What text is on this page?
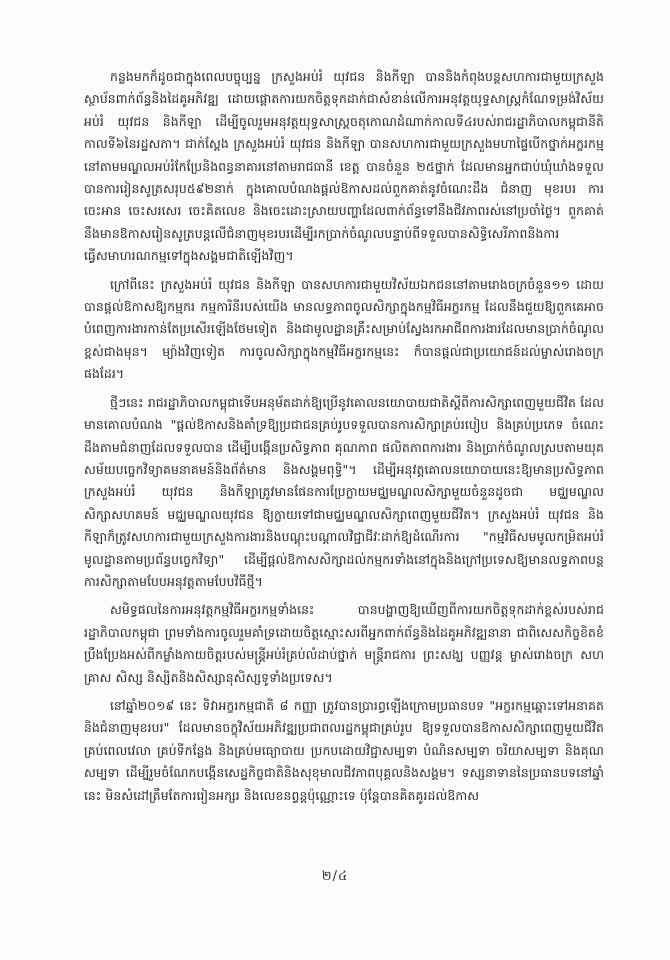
កន្លងមកក៏ដូចជាក្នុងពេលបច្ចុប្បន្ន ក្រសួងអប់រំ យុវជន និងកីឡា បាននិងកំពុងបន្តសហការជាមួយក្រសួងស្ថាប័នពាក់ព័ន្ធនិងដៃគូអភិវឌ្ឍ ដោយផ្ដោតការយកចិត្តទុកដាក់ជាសំខាន់លើការអនុវត្តយុទ្ធសាស្ត្រកំណែទម្រង់វិស័យអប់រំ យុវជន និងកីឡា ដើម្បីចូលរួមអនុវត្តយុទ្ធសាស្ត្រចតុកោណដំណាក់កាលទី៤របស់រាជរដ្ឋាភិបាលកម្ពុជានីតិកាលទី៦នៃរដ្ឋសភា។ ជាក់ស្ដែង ក្រសួងអប់រំ យុវជន និងកីឡា បានសហការជាមួយក្រសួងមហាផ្ទៃបើកថ្នាក់អក្ខរកម្មនៅតាមមណ្ឌលអប់រំកែប្រែនិងពន្ធនាគារនៅតាមរាជធានី ខេត្ត បានចំនួន ២៥ថ្នាក់ ដែលមានអ្នកជាប់ឃុំឃាំងទទួលបានការរៀនសូត្រសរុប៥៩២នាក់ ក្នុងគោលបំណងផ្ដល់ឱកាសដល់ពួកគាត់នូវចំណេះដឹង ជំនាញ មុខរបរ ការចេះអាន ចេះសរសេរ ចេះគិតលេខ និងចេះដោះស្រាយបញ្ហាដែលពាក់ព័ន្ធទៅនឹងជីវភាពរស់នៅប្រចាំថ្ងៃ។ ពួកគាត់នឹងមានឱកាសរៀនសូត្របន្តលើជំនាញមុខរបរដើម្បីរកប្រាក់ចំណូលបន្ទាប់ពីទទួលបានសិទ្ធិសេរីភាពនិងការធ្វើសមាហរណកម្មទៅក្នុងសង្គមជាតិឡើងវិញ។

ក្រៅពីនេះ ក្រសួងអប់រំ យុវជន និងកីឡា បានសហការជាមួយវិស័យឯកជននៅតាមរោងចក្រចំនួន១១ ដោយបានផ្ដល់ឱកាសឱ្យកម្មករ កម្មការិនីរបស់យើង មានលទ្ធភាពចូលសិក្សាក្នុងកម្មវិធីអក្ខរកម្ម ដែលនឹងជួយឱ្យពួកគេអាចបំពេញការងារកាន់តែប្រសើរឡើងថែមទៀត និងជាមូលដ្ឋានគ្រឹះសម្រាប់ស្វែងរកអាជីពការងារដែលមានប្រាក់ចំណូលខ្ពស់ជាងមុន។ ម្យ៉ាងវិញទៀត ការចូលសិក្សាក្នុងកម្មវិធីអក្ខរកម្មនេះ ក៏បានផ្ដល់ជាប្រយោជន៍ដល់ម្ចាស់រោងចក្រផងដែរ។

ថ្មីៗនេះ រាជរដ្ឋាភិបាលកម្ពុជាទើបអនុម័តដាក់ឱ្យប្រើនូវគោលនយោបាយជាតិស្ដីពីការសិក្សាពេញមួយជីវិត ដែលមានគោលបំណង "ផ្ដល់ឱកាសនិងគាំទ្រឱ្យប្រជាជនគ្រប់រូបទទួលបានការសិក្សាគ្រប់របៀប និងគ្រប់ប្រភេទ ចំណេះដឹងតាមជំនាញដែលទទួលបាន ដើម្បីបង្កើនប្រសិទ្ធភាព គុណភាព ផលិតភាពការងារ និងប្រាក់ចំណូលស្របតាមយុគសម័យបច្ចេកវិទ្យាគមនាគមន៍និងព័ត៌មាន និងសង្គមពុទ្ធិ"។ ដើម្បីអនុវត្តគោលនយោបាយនេះឱ្យមានប្រសិទ្ធភាព ក្រសួងអប់រំ យុវជន និងកីឡាត្រូវមានផែនការប្រែក្លាយមជ្ឈមណ្ឌលសិក្សាមួយចំនួនដូចជា មជ្ឈមណ្ឌលសិក្សាសហគមន៍ មជ្ឈមណ្ឌលយុវជន ឱ្យក្លាយទៅជាមជ្ឈមណ្ឌលសិក្សាពេញមួយជីវិត។ ក្រសួងអប់រំ យុវជន និងកីឡាក៏ត្រូវសហការជាមួយក្រសួងការងារនិងបណ្តុះបណ្តាលវិជ្ជាជីវៈដាក់ឱ្យដំណើរការ "កម្មវិធីសមមូលកម្រិតអប់រំមូលដ្ឋានតាមប្រព័ន្ធបច្ចេកវិទ្យា" ដើម្បីផ្ដល់ឱកាសសិក្សាដល់កម្មករទាំងនៅក្នុងនិងក្រៅប្រទេសឱ្យមានលទ្ធភាពបន្តការសិក្សាតាមបែបអនុវត្តតាមបែបវិធីថ្មី។

សមិទ្ធផលនៃការអនុវត្តកម្មវិធីអក្ខរកម្មទាំងនេះ បានបង្ហាញឱ្យឃើញពីការយកចិត្តទុកដាក់ខ្ពស់របស់រាជរដ្ឋាភិបាលកម្ពុជា ព្រមទាំងការចូលរួមគាំទ្រដោយចិត្តស្មោះសរពីអ្នកពាក់ព័ន្ធនិងដៃគូអភិវឌ្ឍនានា ជាពិសេសកិច្ចខិតខំប្រឹងប្រែងអស់ពីកម្លាំងកាយចិត្តរបស់មន្ត្រីអប់រំគ្រប់លំដាប់ថ្នាក់ មន្ត្រីរាជការ ព្រះសង្ឃ បញ្ញវន្ត ម្ចាស់រោងចក្រ សហគ្រាស សិស្ស និស្សិតនិងសិស្សានុសិស្សទូទាំងប្រទេស។

នៅឆ្នាំ២០១៩ នេះ ទិវាអក្ខរកម្មជាតិ ៨ កញ្ញា ត្រូវបានប្រារព្ធឡើងក្រោមប្រធានបទ "អក្ខរកម្មឆ្ពោះទៅអនាគតនិងជំនាញមុខរបរ" ដែលមានចក្ខុវិស័យអភិវឌ្ឍប្រជាពលរដ្ឋកម្ពុជាគ្រប់រូប ឱ្យទទួលបានឱកាសសិក្សាពេញមួយជីវិត គ្រប់ពេលវេលា គ្រប់ទីកន្លែង និងគ្រប់មធ្យោបាយ ប្រកបដោយវិជ្ជាសម្បទា បំណិនសម្បទា ចរិយាសម្បទា និងគុណសម្បទា ដើម្បីរួមចំណែកបង្កើនសេដ្ឋកិច្ចជាតិនិងសុខុមាលជីវភាពបុគ្គលនិងសង្គម។ ទស្សនាទាននៃប្រធានបទនៅឆ្នាំនេះ មិនសំដៅត្រឹមតែការរៀនអក្សរ និងលេខនព្វន្តប៉ុណ្ណោះទេ ប៉ុន្តែបានគិតគូរដល់ឱកាស

២/៤
